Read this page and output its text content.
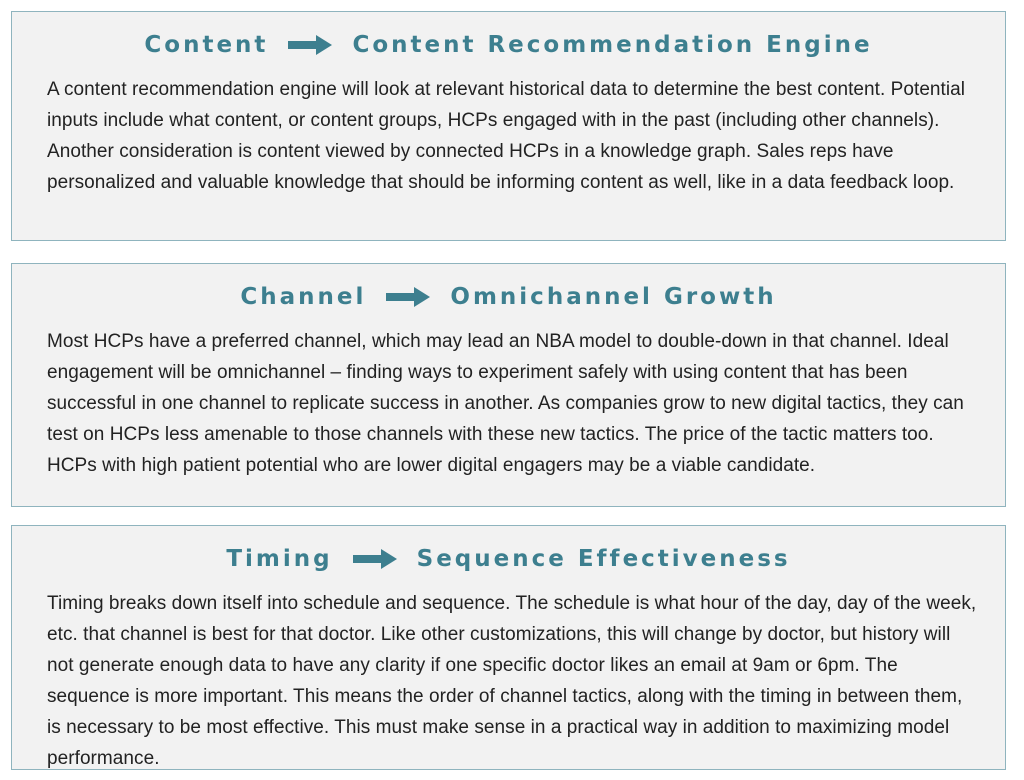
Content	Content Recommendation Engine

A content recommendation engine will look at relevant historical data to determine the best content. Potential inputs include what content, or content groups, HCPs engaged with in the past (including other channels). Another consideration is content viewed by connected HCPs in a knowledge graph. Sales reps have personalized and valuable knowledge that should be informing content as well, like in a data feedback loop.

Channel	Omnichannel Growth

Most HCPs have a preferred channel, which may lead an NBA model to double-down in that channel. Ideal engagement will be omnichannel – finding ways to experiment safely with using content that has been successful in one channel to replicate success in another. As companies grow to new digital tactics, they can test on HCPs less amenable to those channels with these new tactics. The price of the tactic matters too. HCPs with high patient potential who are lower digital engagers may be a viable candidate.

Timing	Sequence Effectiveness

Timing breaks down itself into schedule and sequence. The schedule is what hour of the day, day of the week, etc. that channel is best for that doctor. Like other customizations, this will change by doctor, but history will not generate enough data to have any clarity if one specific doctor likes an email at 9am or 6pm. The sequence is more important. This means the order of channel tactics, along with the timing in between them, is necessary to be most effective. This must make sense in a practical way in addition to maximizing model performance.
